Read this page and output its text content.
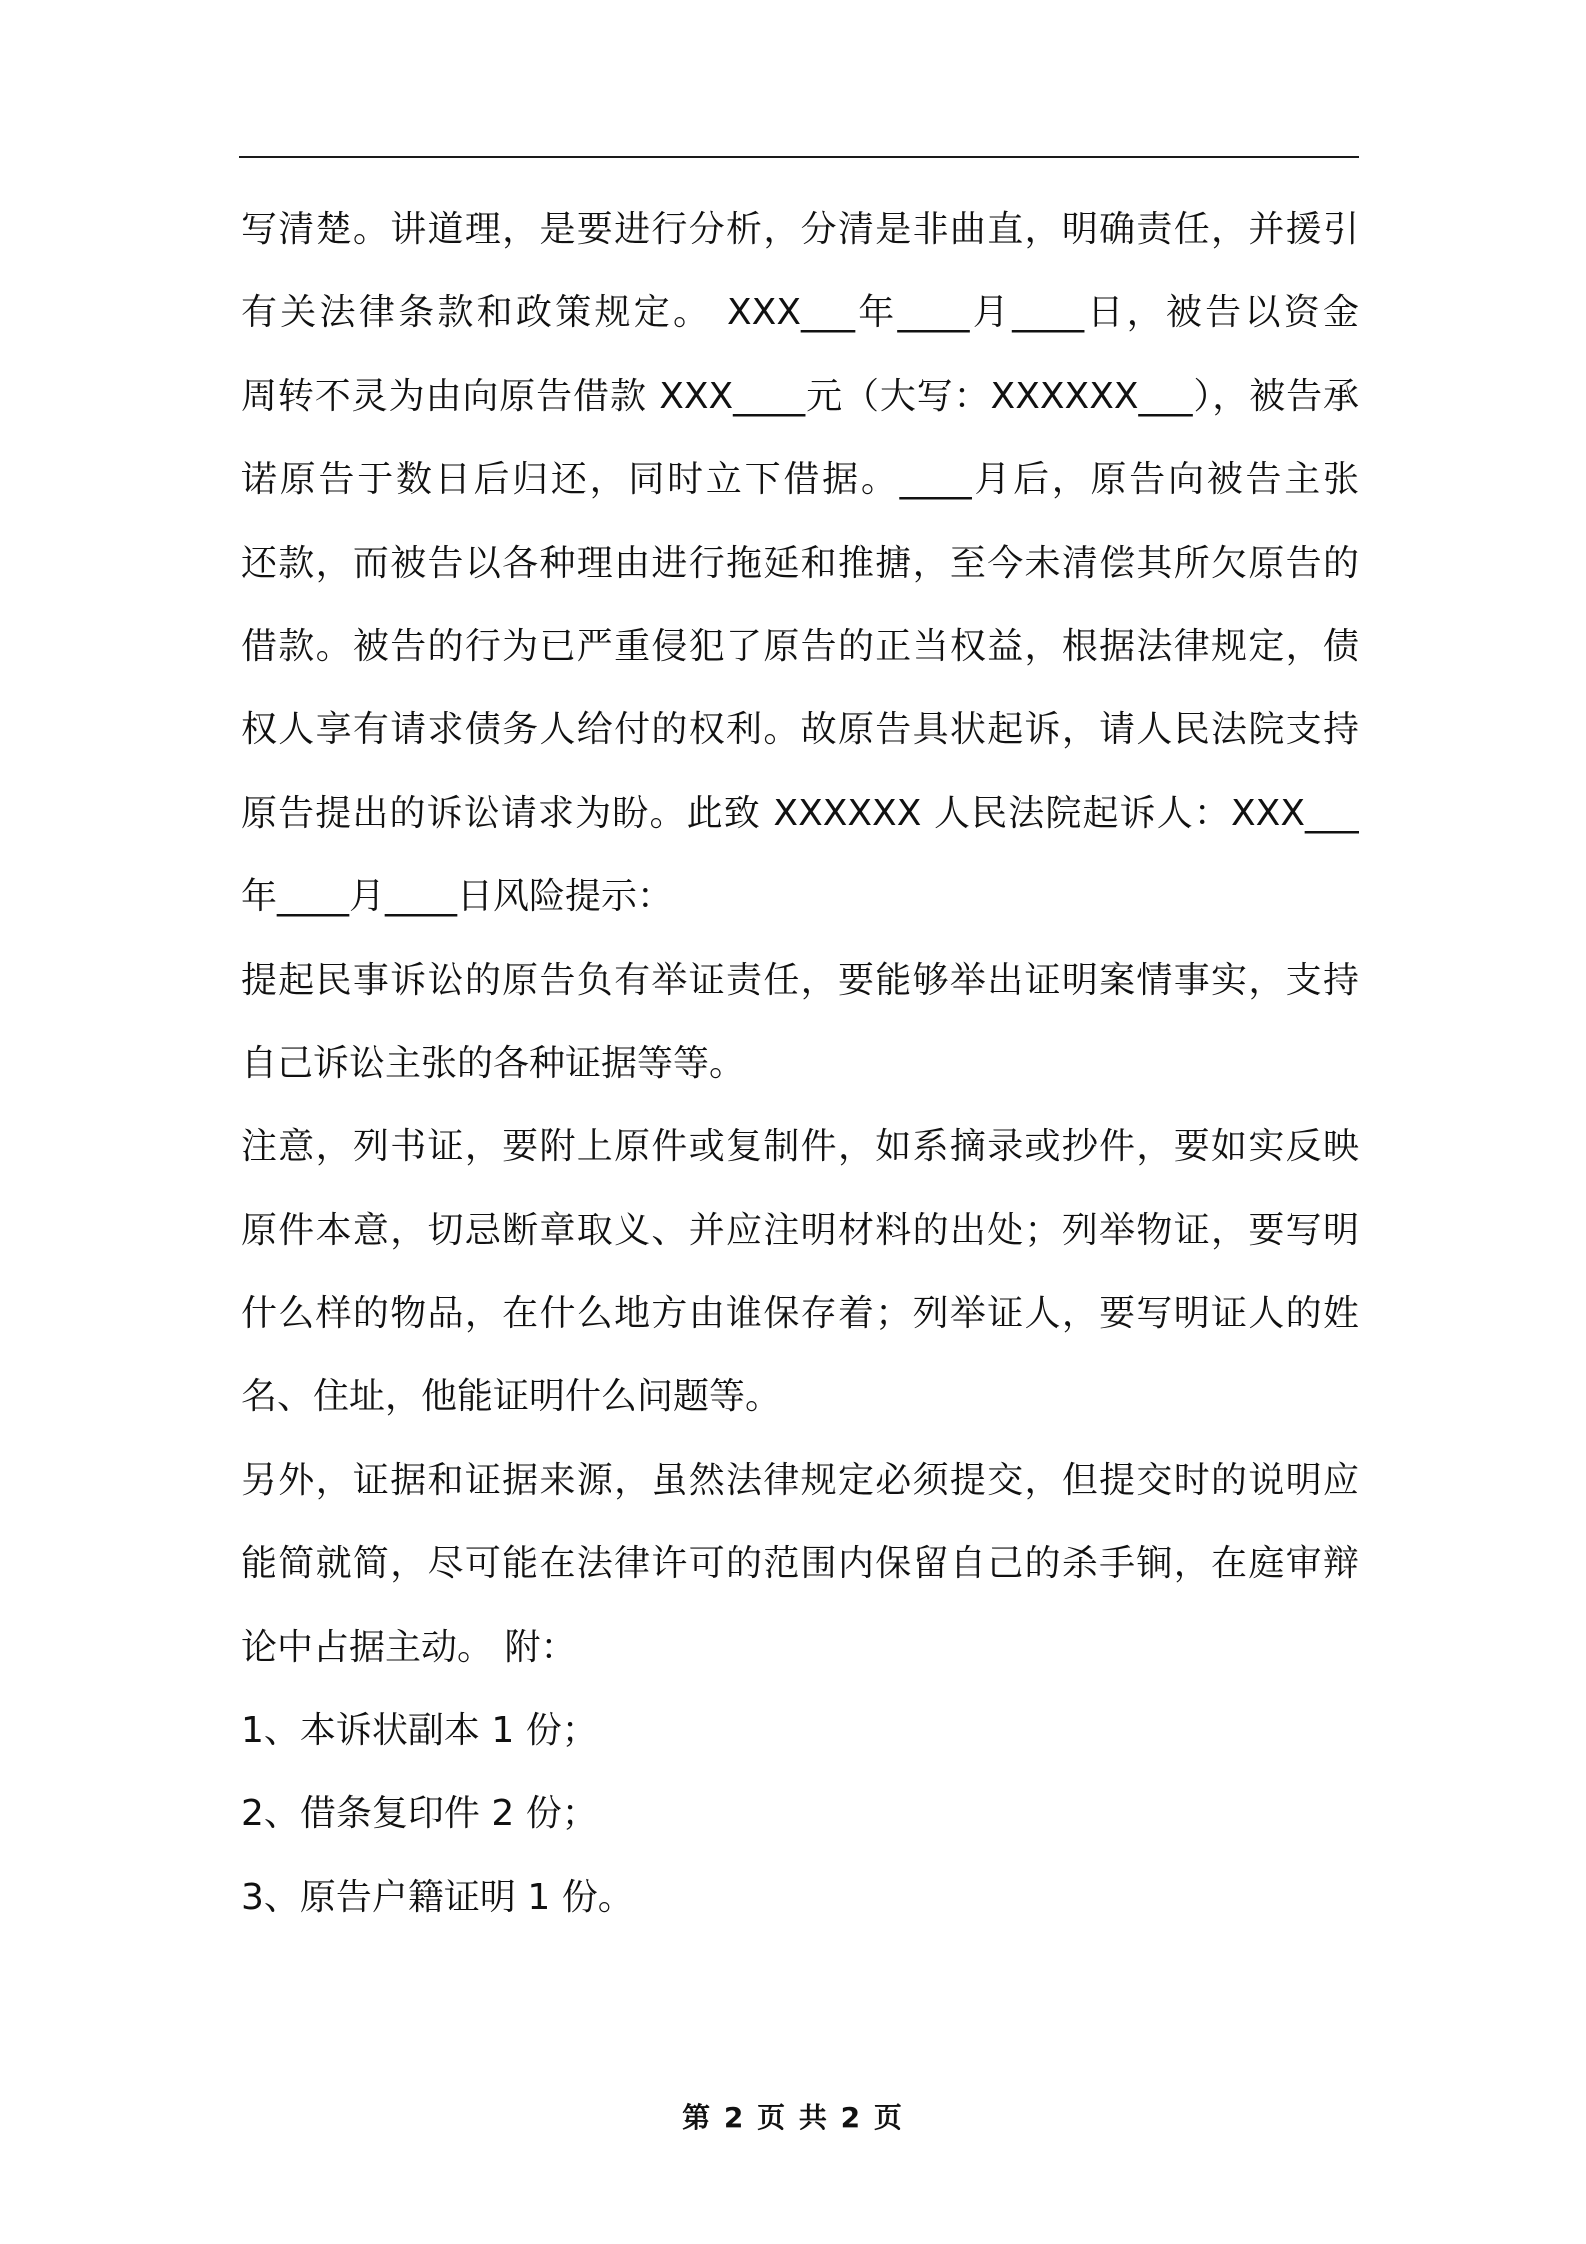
写清楚。讲道理，是要进行分析，分清是非曲直，明确责任，并援引
有关法律条款和政策规定。 XXX___年____月____日，被告以资金
周转不灵为由向原告借款 XXX____元（大写：XXXXXX___），被告承
诺原告于数日后归还，同时立下借据。____月后，原告向被告主张
还款，而被告以各种理由进行拖延和推搪，至今未清偿其所欠原告的
借款。被告的行为已严重侵犯了原告的正当权益，根据法律规定，债
权人享有请求债务人给付的权利。故原告具状起诉，请人民法院支持
原告提出的诉讼请求为盼。此致 XXXXXX 人民法院起诉人：XXX___
年____月____日风险提示：
提起民事诉讼的原告负有举证责任，要能够举出证明案情事实，支持
自己诉讼主张的各种证据等等。
注意，列书证，要附上原件或复制件，如系摘录或抄件，要如实反映
原件本意，切忌断章取义、并应注明材料的出处；列举物证，要写明
什么样的物品，在什么地方由谁保存着；列举证人，要写明证人的姓
名、住址，他能证明什么问题等。
另外，证据和证据来源，虽然法律规定必须提交，但提交时的说明应
能简就简，尽可能在法律许可的范围内保留自己的杀手锏，在庭审辩
论中占据主动。 附：
1、本诉状副本 1 份；
2、借条复印件 2 份；
3、原告户籍证明 1 份。
第 2 页 共 2 页
